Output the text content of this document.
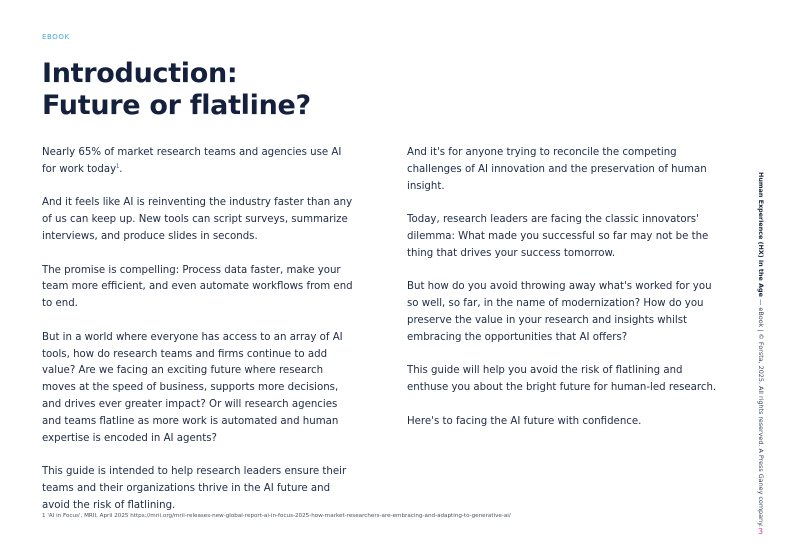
EBOOK
Introduction:
Future or flatline?

Nearly 65% of market research teams and agencies use AI for work today$^1$.

And it feels like AI is reinventing the industry faster than any of us can keep up. New tools can script surveys, summarize interviews, and produce slides in seconds.

The promise is compelling: Process data faster, make your team more efficient, and even automate workflows from end to end.

But in a world where everyone has access to an array of AI tools, how do research teams and firms continue to add value? Are we facing an exciting future where research moves at the speed of business, supports more decisions, and drives ever greater impact? Or will research agencies and teams flatline as more work is automated and human expertise is encoded in AI agents?

This guide is intended to help research leaders ensure their teams and their organizations thrive in the AI future and avoid the risk of flatlining.

And it's for anyone trying to reconcile the competing challenges of AI innovation and the preservation of human insight.

Today, research leaders are facing the classic innovators' dilemma: What made you successful so far may not be the thing that drives your success tomorrow.

But how do you avoid throwing away what's worked for you so well, so far, in the name of modernization? How do you preserve the value in your research and insights whilst embracing the opportunities that AI offers?

This guide will help you avoid the risk of flatlining and enthuse you about the bright future for human-led research.

Here's to facing the AI future with confidence.

1 'AI in Focus', MRII, April 2025 https://mrii.org/mrii-releases-new-global-report-ai-in-focus-2025-how-market-researchers-are-embracing-and-adapting-to-generative-ai/
Human Experience (HX) in the Age — eBook | © Forsta, 2025. All rights reserved. A Press Ganey company.
3
